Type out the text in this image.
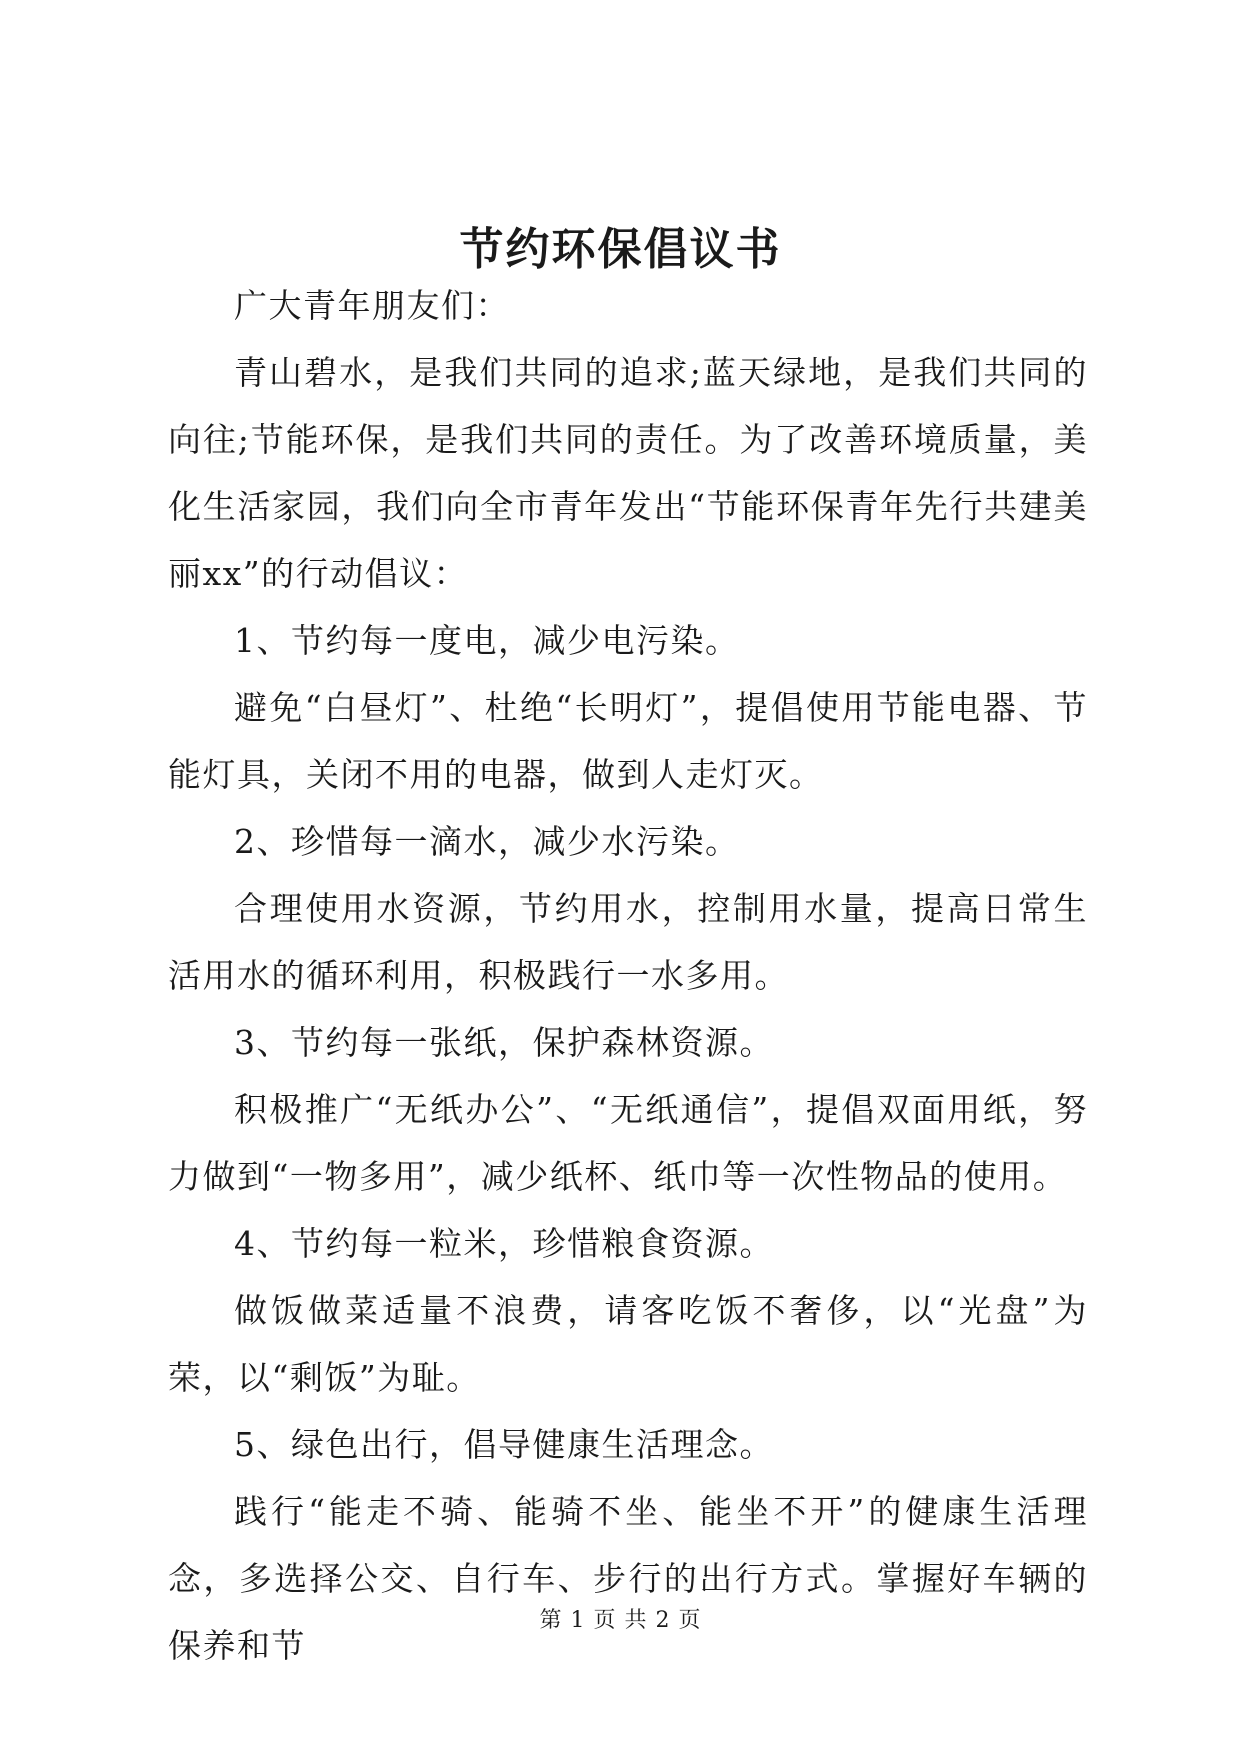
节约环保倡议书

广大青年朋友们：

青山碧水，是我们共同的追求;蓝天绿地，是我们共同的向往;节能环保，是我们共同的责任。为了改善环境质量，美化生活家园，我们向全市青年发出“节能环保青年先行共建美丽xx”的行动倡议：

1、节约每一度电，减少电污染。

避免“白昼灯”、杜绝“长明灯”，提倡使用节能电器、节能灯具，关闭不用的电器，做到人走灯灭。

2、珍惜每一滴水，减少水污染。

合理使用水资源，节约用水，控制用水量，提高日常生活用水的循环利用，积极践行一水多用。

3、节约每一张纸，保护森林资源。

积极推广“无纸办公”、“无纸通信”，提倡双面用纸，努力做到“一物多用”，减少纸杯、纸巾等一次性物品的使用。

4、节约每一粒米，珍惜粮食资源。

做饭做菜适量不浪费，请客吃饭不奢侈，以“光盘”为荣，以“剩饭”为耻。

5、绿色出行，倡导健康生活理念。

践行“能走不骑、能骑不坐、能坐不开”的健康生活理念，多选择公交、自行车、步行的出行方式。掌握好车辆的保养和节

第 1 页 共 2 页
